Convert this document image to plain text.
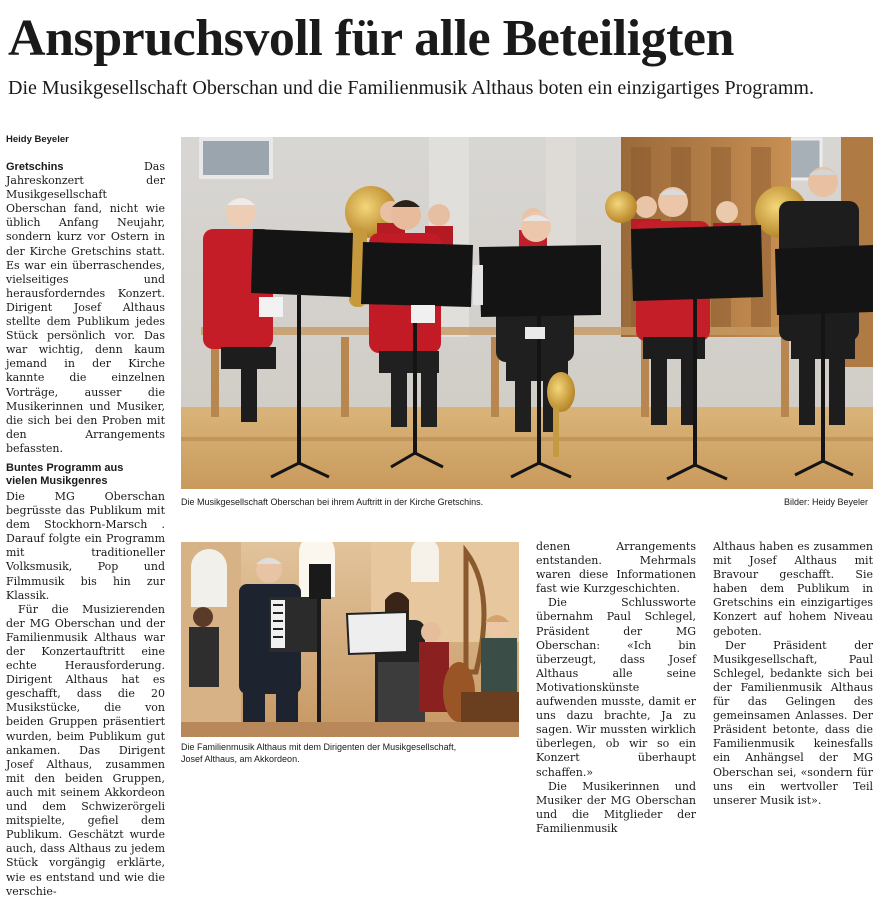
Anspruchsvoll für alle Beteiligten

Die Musikgesellschaft Oberschan und die Familienmusik Althaus boten ein einzigartiges Programm.

Heidy Beyeler

Gretschins	Das Jahreskonzert der Musikgesellschaft Oberschan fand, nicht wie üblich Anfang Neujahr, sondern kurz vor Ostern in der Kirche Gretschins statt. Es war ein überraschendes, vielseitiges und herausforderndes Konzert. Dirigent Josef Althaus stellte dem Publikum jedes Stück persönlich vor. Das war wichtig, denn kaum jemand in der Kirche kannte die einzelnen Vorträge, ausser die Musikerinnen und Musiker, die sich bei den Proben mit den Arrangements befassten.

Buntes Programm aus
vielen Musikgenres

Die MG Oberschan begrüsste das Publikum mit dem Stockhorn-Marsch . Darauf folgte ein Programm mit traditioneller Volksmusik, Pop und Filmmusik bis hin zur Klassik.

Für die Musizierenden der MG Oberschan und der Familienmusik Althaus war der Konzertauftritt eine echte Herausforderung. Dirigent Althaus hat es geschafft, dass die 20 Musikstücke, die von beiden Gruppen präsentiert wurden, beim Publikum gut ankamen. Das Dirigent Josef Althaus, zusammen mit den beiden Gruppen, auch mit seinem Akkordeon und dem Schwizerörgeli mitspielte, gefiel dem Publikum. Geschätzt wurde auch, dass Althaus zu jedem Stück vorgängig erklärte, wie es entstand und wie die verschie-

Die Musikgesellschaft Oberschan bei ihrem Auftritt in der Kirche Gretschins.	Bilder: Heidy Beyeler
Die Familienmusik Althaus mit dem Dirigenten der Musikgesellschaft,
Josef Althaus, am Akkordeon.

denen Arrangements entstanden. Mehrmals waren diese Informationen fast wie Kurzgeschichten.

Die Schlussworte übernahm Paul Schlegel, Präsident der MG Oberschan: «Ich bin überzeugt, dass Josef Althaus alle seine Motivationskünste aufwenden musste, damit er uns dazu brachte, Ja zu sagen. Wir mussten wirklich überlegen, ob wir so ein Konzert überhaupt schaffen.»

Die Musikerinnen und Musiker der MG Oberschan und die Mitglieder der Familienmusik

Althaus haben es zusammen mit Josef Althaus mit Bravour geschafft. Sie haben dem Publikum in Gretschins ein einzigartiges Konzert auf hohem Niveau geboten.

Der Präsident der Musikgesellschaft, Paul Schlegel, bedankte sich bei der Familienmusik Althaus für das Gelingen des gemeinsamen Anlasses. Der Präsident betonte, dass die Familienmusik keinesfalls ein Anhängsel der MG Oberschan sei, «sondern für uns ein wertvoller Teil unserer Musik ist».
